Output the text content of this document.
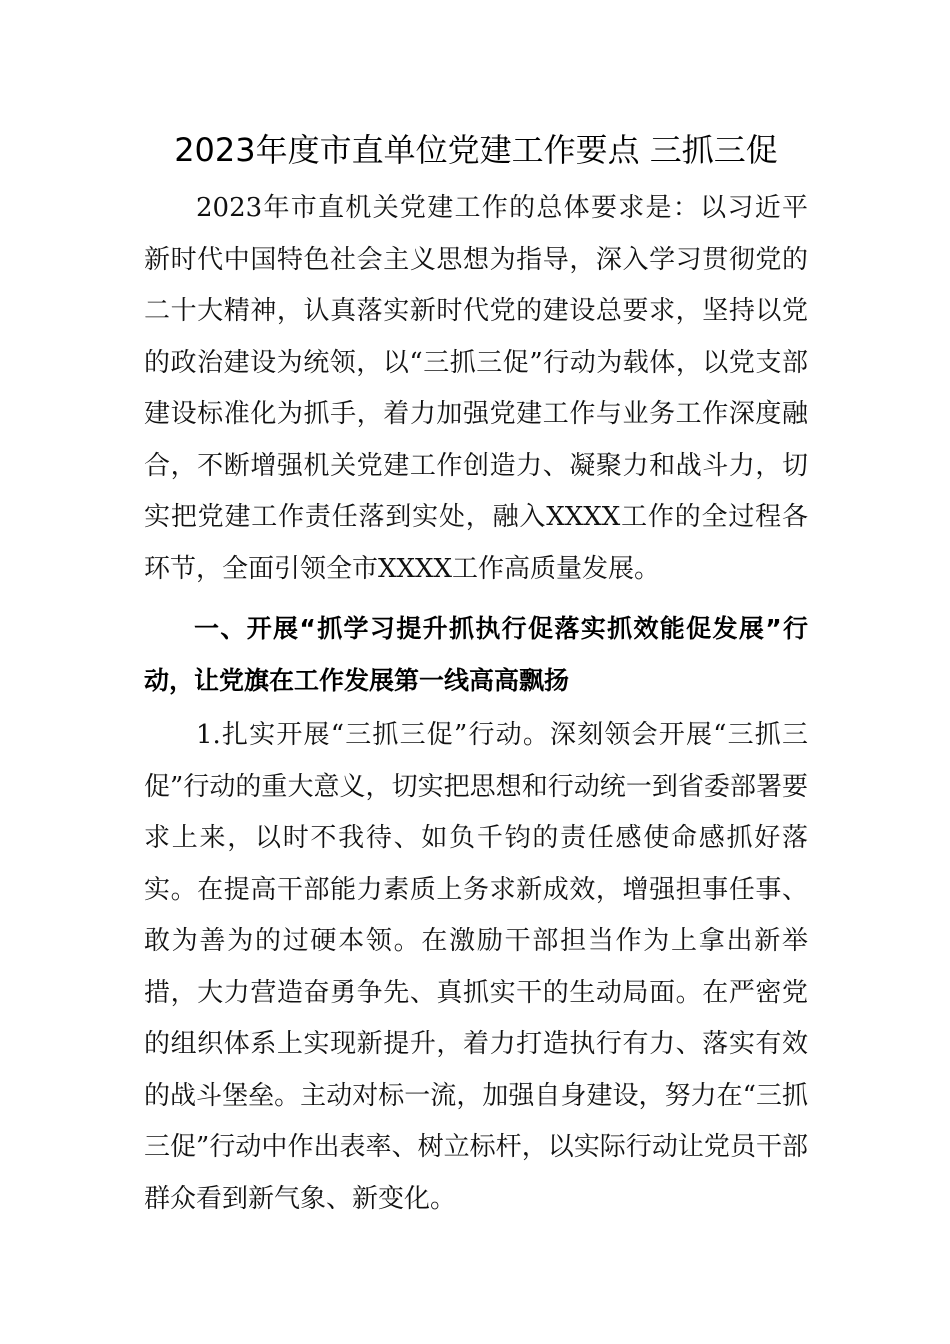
2023年度市直单位党建工作要点 三抓三促

2023年市直机关党建工作的总体要求是：以习近平新时代中国特色社会主义思想为指导，深入学习贯彻党的二十大精神，认真落实新时代党的建设总要求，坚持以党的政治建设为统领，以“三抓三促”行动为载体，以党支部建设标准化为抓手，着力加强党建工作与业务工作深度融合，不断增强机关党建工作创造力、凝聚力和战斗力，切实把党建工作责任落到实处，融入XXXX工作的全过程各环节，全面引领全市XXXX工作高质量发展。

一、开展“抓学习提升抓执行促落实抓效能促发展”行动，让党旗在工作发展第一线高高飘扬

1.扎实开展“三抓三促”行动。深刻领会开展“三抓三促”行动的重大意义，切实把思想和行动统一到省委部署要求上来，以时不我待、如负千钧的责任感使命感抓好落实。在提高干部能力素质上务求新成效，增强担事任事、敢为善为的过硬本领。在激励干部担当作为上拿出新举措，大力营造奋勇争先、真抓实干的生动局面。在严密党的组织体系上实现新提升，着力打造执行有力、落实有效的战斗堡垒。主动对标一流，加强自身建设，努力在“三抓三促”行动中作出表率、树立标杆，以实际行动让党员干部群众看到新气象、新变化。
